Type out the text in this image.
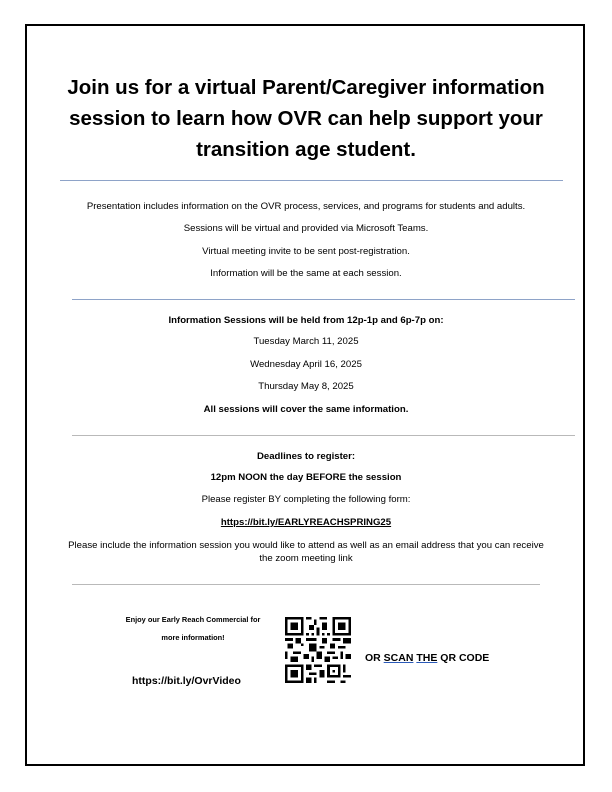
Join us for a virtual Parent/Caregiver information session to learn how OVR can help support your transition age student.
Presentation includes information on the OVR process, services, and programs for students and adults.
Sessions will be virtual and provided via Microsoft Teams.
Virtual meeting invite to be sent post-registration.
Information will be the same at each session.
Information Sessions will be held from 12p-1p and 6p-7p on:
Tuesday March 11, 2025
Wednesday April 16, 2025
Thursday May 8, 2025
All sessions will cover the same information.
Deadlines to register:
12pm NOON the day BEFORE the session
Please register BY completing the following form:
https://bit.ly/EARLYREACHSPRING25
Please include the information session you would like to attend as well as an email address that you can receive the zoom meeting link
Enjoy our Early Reach Commercial for
more information!
https://bit.ly/OvrVideo
OR SCAN THE QR CODE
